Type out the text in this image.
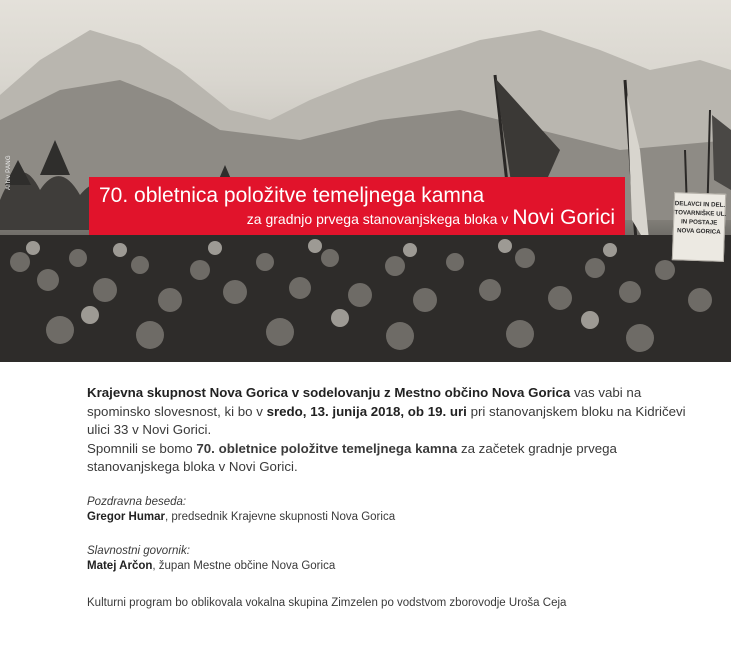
Arhiv PANG
DELAVCI IN DEL.
TOVARNIŠKE UL.
IN POSTAJE
NOVA GORICA
70. obletnica položitve temeljnega kamna
za gradnjo prvega stanovanjskega bloka v Novi Gorici

Krajevna skupnost Nova Gorica v sodelovanju z Mestno občino Nova Gorica vas vabi na spominsko slovesnost, ki bo v sredo, 13. junija 2018, ob 19. uri pri stanovanjskem bloku na Kidričevi ulici 33 v Novi Gorici.

Spomnili se bomo 70. obletnice položitve temeljnega kamna za začetek gradnje prvega stanovanjskega bloka v Novi Gorici.

Pozdravna beseda:
Gregor Humar, predsednik Krajevne skupnosti Nova Gorica

Slavnostni govornik:
Matej Arčon, župan Mestne občine Nova Gorica

Kulturni program bo oblikovala vokalna skupina Zimzelen po vodstvom zborovodje Uroša Ceja
